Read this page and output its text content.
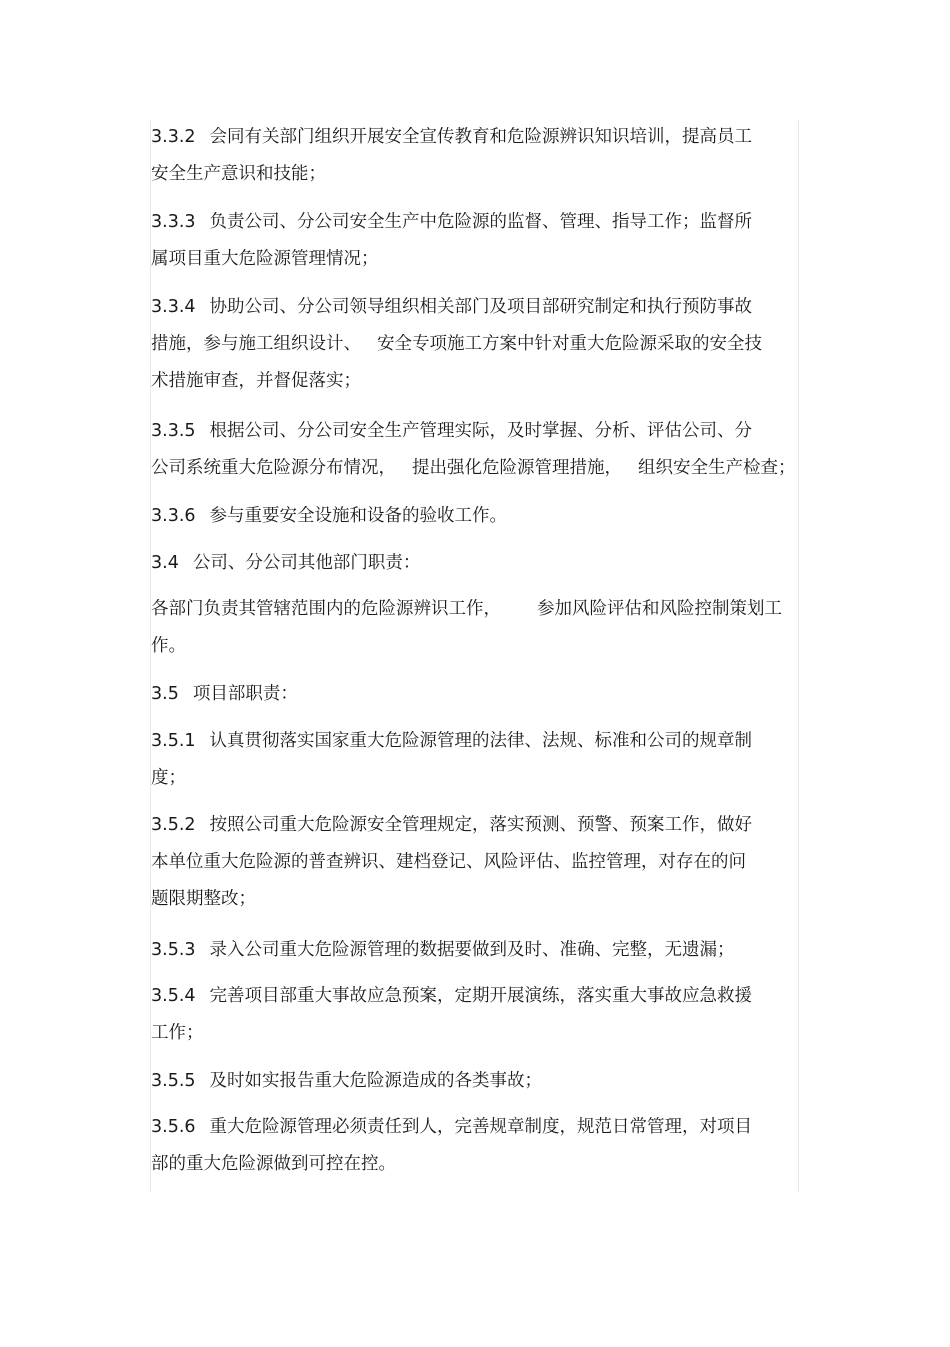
3.3.2 会同有关部门组织开展安全宣传教育和危险源辨识知识培训，提高员工
安全生产意识和技能；
3.3.3 负责公司、分公司安全生产中危险源的监督、管理、指导工作；监督所
属项目重大危险源管理情况；
3.3.4 协助公司、分公司领导组织相关部门及项目部研究制定和执行预防事故
措施，参与施工组织设计、 安全专项施工方案中针对重大危险源采取的安全技
术措施审查，并督促落实；
3.3.5 根据公司、分公司安全生产管理实际，及时掌握、分析、评估公司、分
公司系统重大危险源分布情况， 提出强化危险源管理措施， 组织安全生产检查；
3.3.6 参与重要安全设施和设备的验收工作。
3.4 公司、分公司其他部门职责：
各部门负责其管辖范围内的危险源辨识工作， 参加风险评估和风险控制策划工
作。
3.5 项目部职责：
3.5.1 认真贯彻落实国家重大危险源管理的法律、法规、标准和公司的规章制
度；
3.5.2 按照公司重大危险源安全管理规定，落实预测、预警、预案工作，做好
本单位重大危险源的普查辨识、建档登记、风险评估、监控管理，对存在的问
题限期整改；
3.5.3 录入公司重大危险源管理的数据要做到及时、准确、完整，无遗漏；
3.5.4 完善项目部重大事故应急预案，定期开展演练，落实重大事故应急救援
工作；
3.5.5 及时如实报告重大危险源造成的各类事故；
3.5.6 重大危险源管理必须责任到人，完善规章制度，规范日常管理，对项目
部的重大危险源做到可控在控。
